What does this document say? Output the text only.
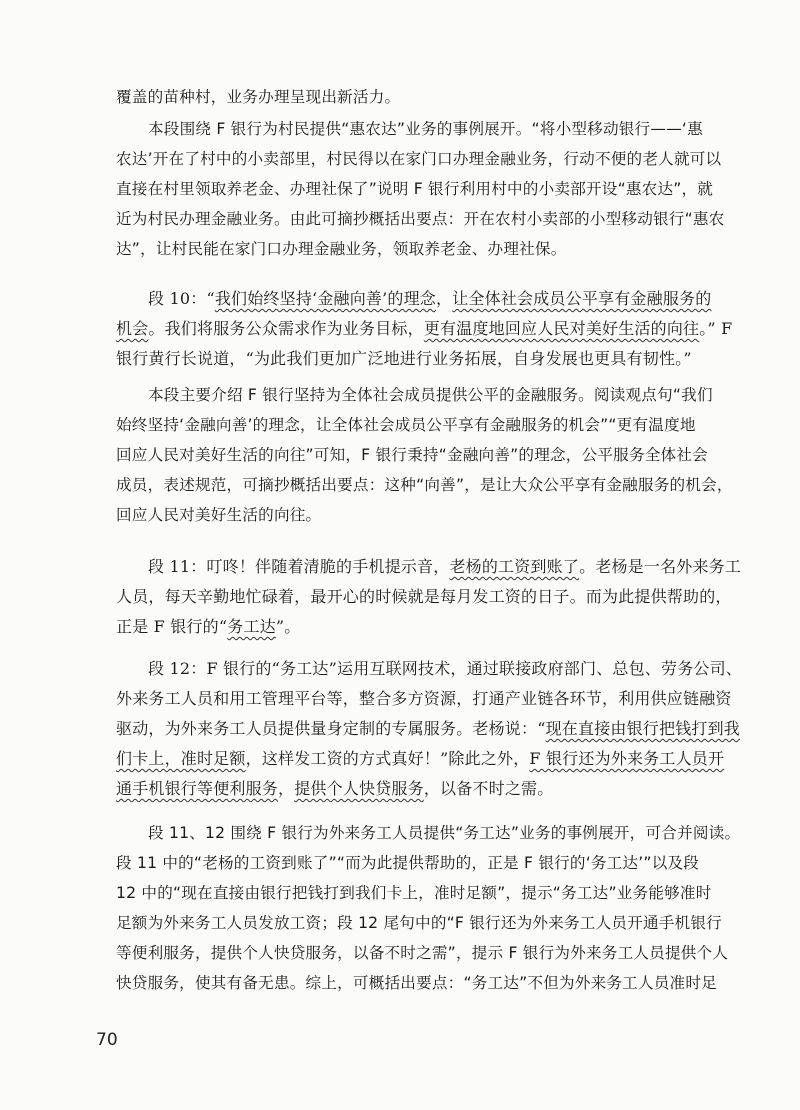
覆盖的苗种村，业务办理呈现出新活力。
本段围绕 F 银行为村民提供“惠农达”业务的事例展开。“将小型移动银行——‘惠
农达’开在了村中的小卖部里，村民得以在家门口办理金融业务，行动不便的老人就可以
直接在村里领取养老金、办理社保了”说明 F 银行利用村中的小卖部开设“惠农达”，就
近为村民办理金融业务。由此可摘抄概括出要点：开在农村小卖部的小型移动银行“惠农
达”，让村民能在家门口办理金融业务，领取养老金、办理社保。
段 10：“我们始终坚持‘金融向善’的理念，让全体社会成员公平享有金融服务的
机会。我们将服务公众需求作为业务目标，更有温度地回应人民对美好生活的向往。” F
银行黄行长说道，“为此我们更加广泛地进行业务拓展，自身发展也更具有韧性。”
本段主要介绍 F 银行坚持为全体社会成员提供公平的金融服务。阅读观点句“我们
始终坚持‘金融向善’的理念，让全体社会成员公平享有金融服务的机会”“更有温度地
回应人民对美好生活的向往”可知，F 银行秉持“金融向善”的理念，公平服务全体社会
成员，表述规范，可摘抄概括出要点：这种“向善”，是让大众公平享有金融服务的机会，
回应人民对美好生活的向往。
段 11：叮咚！伴随着清脆的手机提示音，老杨的工资到账了。老杨是一名外来务工
人员，每天辛勤地忙碌着，最开心的时候就是每月发工资的日子。而为此提供帮助的，
正是 F 银行的“务工达”。
段 12：F 银行的“务工达”运用互联网技术，通过联接政府部门、总包、劳务公司、
外来务工人员和用工管理平台等，整合多方资源，打通产业链各环节，利用供应链融资
驱动，为外来务工人员提供量身定制的专属服务。老杨说：“现在直接由银行把钱打到我
们卡上，准时足额，这样发工资的方式真好！”除此之外，F 银行还为外来务工人员开
通手机银行等便利服务，提供个人快贷服务，以备不时之需。
段 11、12 围绕 F 银行为外来务工人员提供“务工达”业务的事例展开，可合并阅读。
段 11 中的“老杨的工资到账了”“而为此提供帮助的，正是 F 银行的‘务工达’”以及段
12 中的“现在直接由银行把钱打到我们卡上，准时足额”，提示“务工达”业务能够准时
足额为外来务工人员发放工资；段 12 尾句中的“F 银行还为外来务工人员开通手机银行
等便利服务，提供个人快贷服务，以备不时之需”，提示 F 银行为外来务工人员提供个人
快贷服务，使其有备无患。综上，可概括出要点：“务工达”不但为外来务工人员准时足
70
